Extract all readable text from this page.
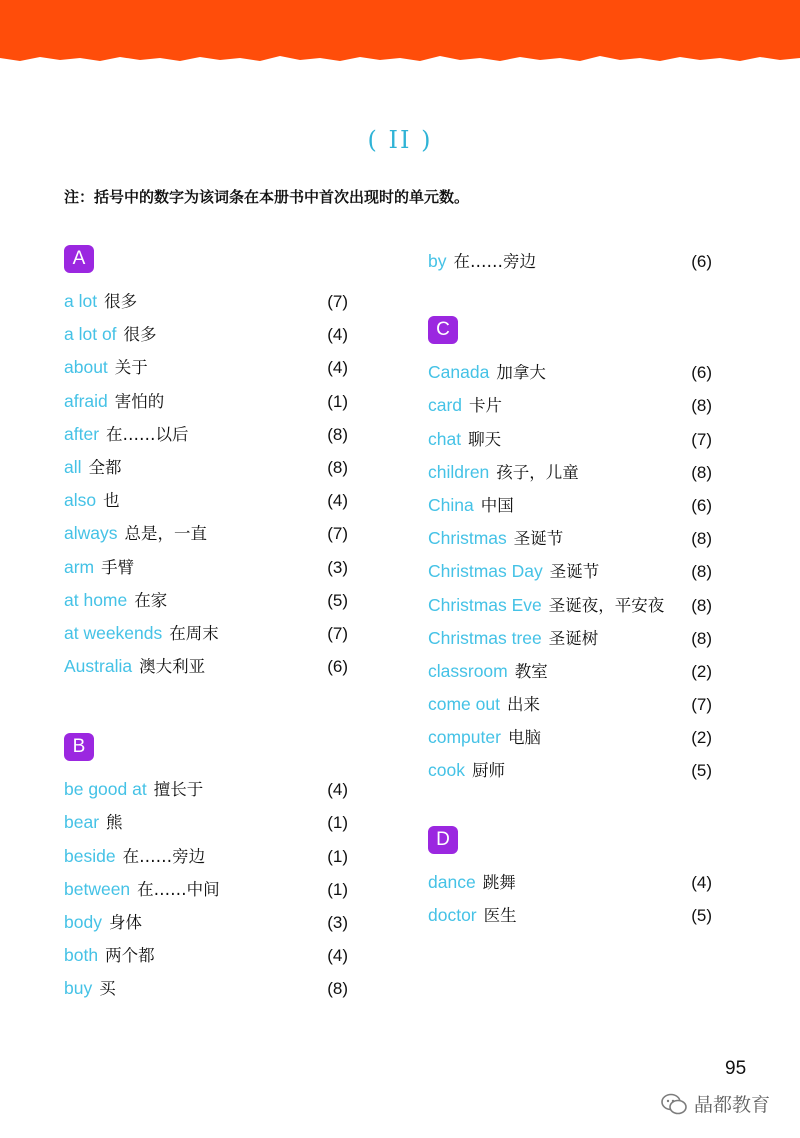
( II )
注：括号中的数字为该词条在本册书中首次出现时的单元数。
A
a lot 很多	(7)
a lot of 很多	(4)
about 关于	(4)
afraid 害怕的	(1)
after 在……以后	(8)
all 全都	(8)
also 也	(4)
always 总是，一直	(7)
arm 手臂	(3)
at home 在家	(5)
at weekends 在周末	(7)
Australia 澳大利亚	(6)
B
be good at 擅长于	(4)
bear 熊	(1)
beside 在……旁边	(1)
between 在……中间	(1)
body 身体	(3)
both 两个都	(4)
buy 买	(8)
by 在……旁边	(6)
C
Canada 加拿大	(6)
card 卡片	(8)
chat 聊天	(7)
children 孩子，儿童	(8)
China 中国	(6)
Christmas 圣诞节	(8)
Christmas Day 圣诞节	(8)
Christmas Eve 圣诞夜，平安夜 (8)
Christmas tree 圣诞树	(8)
classroom 教室	(2)
come out 出来	(7)
computer 电脑	(2)
cook 厨师	(5)
D
dance 跳舞	(4)
doctor 医生	(5)
95
晶都教育
